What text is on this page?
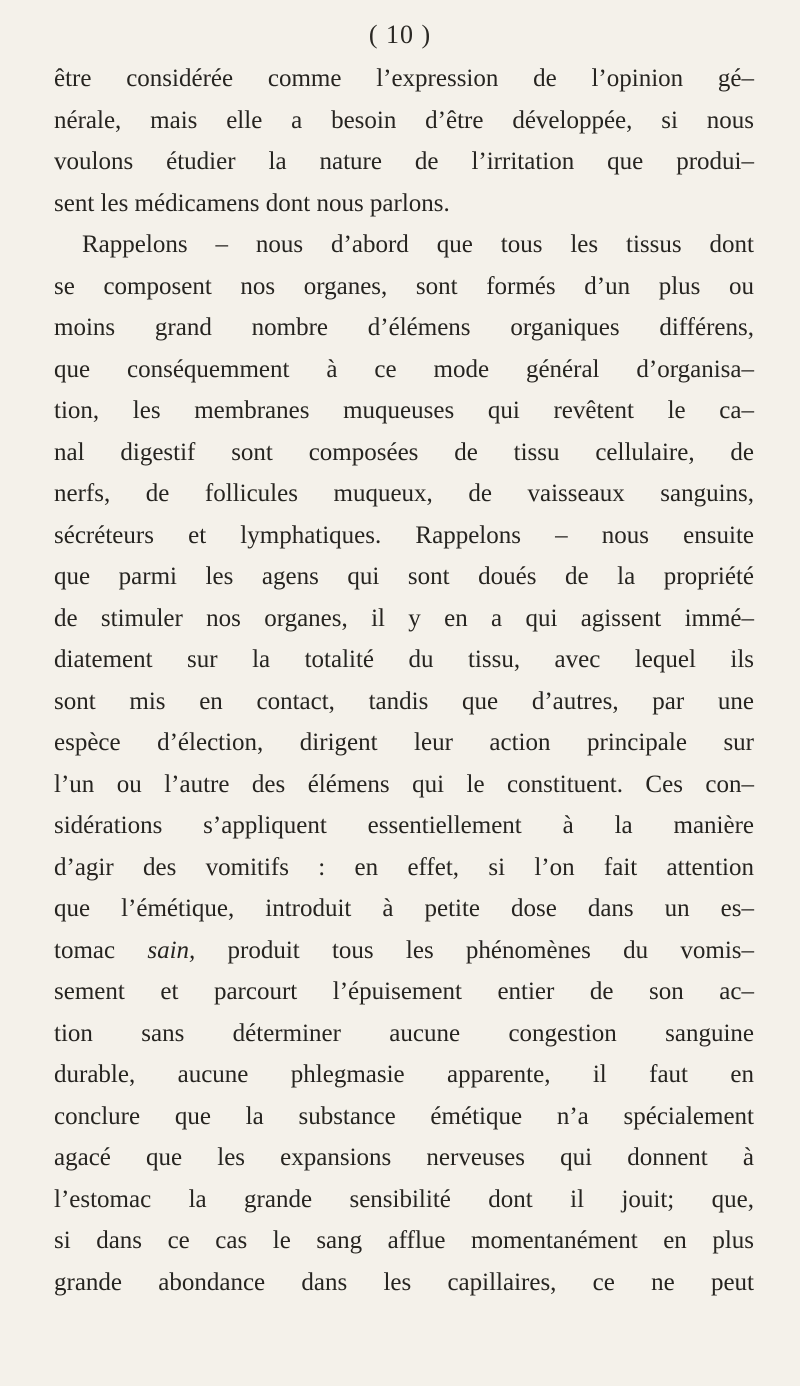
( 10 )
être considérée comme l’expression de l’opinion gé–
nérale, mais elle a besoin d’être développée, si nous
voulons étudier la nature de l’irritation que produi–
sent les médicamens dont nous parlons.
Rappelons – nous d’abord que tous les tissus dont
se composent nos organes, sont formés d’un plus ou
moins grand nombre d’élémens organiques différens,
que conséquemment à ce mode général d’organisa–
tion, les membranes muqueuses qui revêtent le ca–
nal digestif sont composées de tissu cellulaire, de
nerfs, de follicules muqueux, de vaisseaux sanguins,
sécréteurs et lymphatiques. Rappelons – nous ensuite
que parmi les agens qui sont doués de la propriété
de stimuler nos organes, il y en a qui agissent immé–
diatement sur la totalité du tissu, avec lequel ils
sont mis en contact, tandis que d’autres, par une
espèce d’élection, dirigent leur action principale sur
l’un ou l’autre des élémens qui le constituent. Ces con–
sidérations s’appliquent essentiellement à la manière
d’agir des vomitifs : en effet, si l’on fait attention
que l’émétique, introduit à petite dose dans un es–
tomac sain, produit tous les phénomènes du vomis–
sement et parcourt l’épuisement entier de son ac–
tion sans déterminer aucune congestion sanguine
durable, aucune phlegmasie apparente, il faut en
conclure que la substance émétique n’a spécialement
agacé que les expansions nerveuses qui donnent à
l’estomac la grande sensibilité dont il jouit; que,
si dans ce cas le sang afflue momentanément en plus
grande abondance dans les capillaires, ce ne peut
